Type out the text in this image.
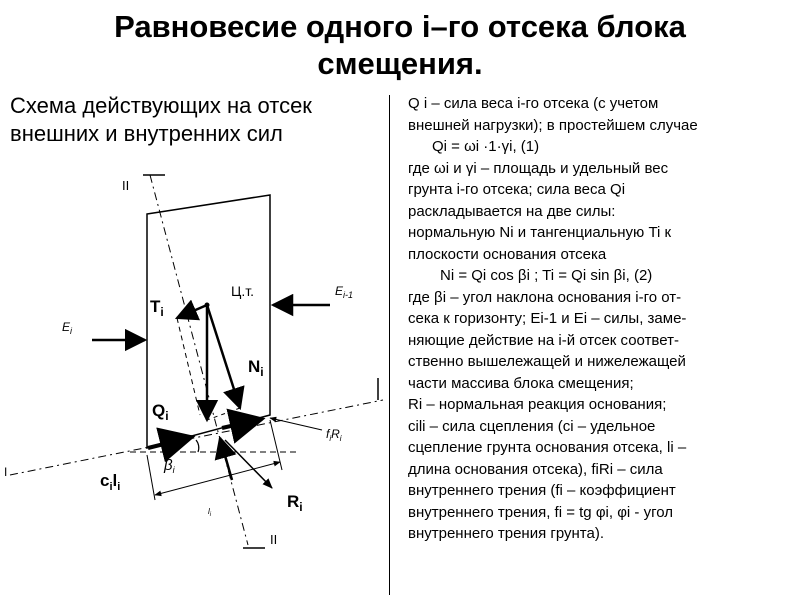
Равновесие одного i–го отсека блока
смещения.
Схема действующих на отсек
внешних и внутренних сил
II
II
I
$T_i$
$N_i$
$Q_i$
$E_i$
$E_{i-1}$
Ц.т.
$f_iR_i$
$R_i$
$c_il_i$
$\beta_i$
$l_i$
Q i – сила веса i-го отсека (с учетом
внешней нагрузки); в простейшем случае
Qi = ωi ·1·γi, (1)
где ωi и γi – площадь и удельный вес
грунта i-го отсека; сила веса Qi
раскладывается на две силы:
нормальную Ni и тангенциальную Ti к
плоскости основания отсека
Ni = Qi cos βi ; Ti = Qi sin βi, (2)
где βi – угол наклона основания i-го от-
сека к горизонту; Ei-1 и Ei – силы, заме-
няющие действие на i-й отсек соответ-
ственно вышележащей и нижележащей
части массива блока смещения;
Ri – нормальная реакция основания;
cili – сила сцепления (ci – удельное
сцепление грунта основания отсека, li –
длина основания отсека), fiRi – сила
внутреннего трения (fi – коэффициент
внутреннего трения, fi = tg φi, φi - угол
внутреннего трения грунта).
